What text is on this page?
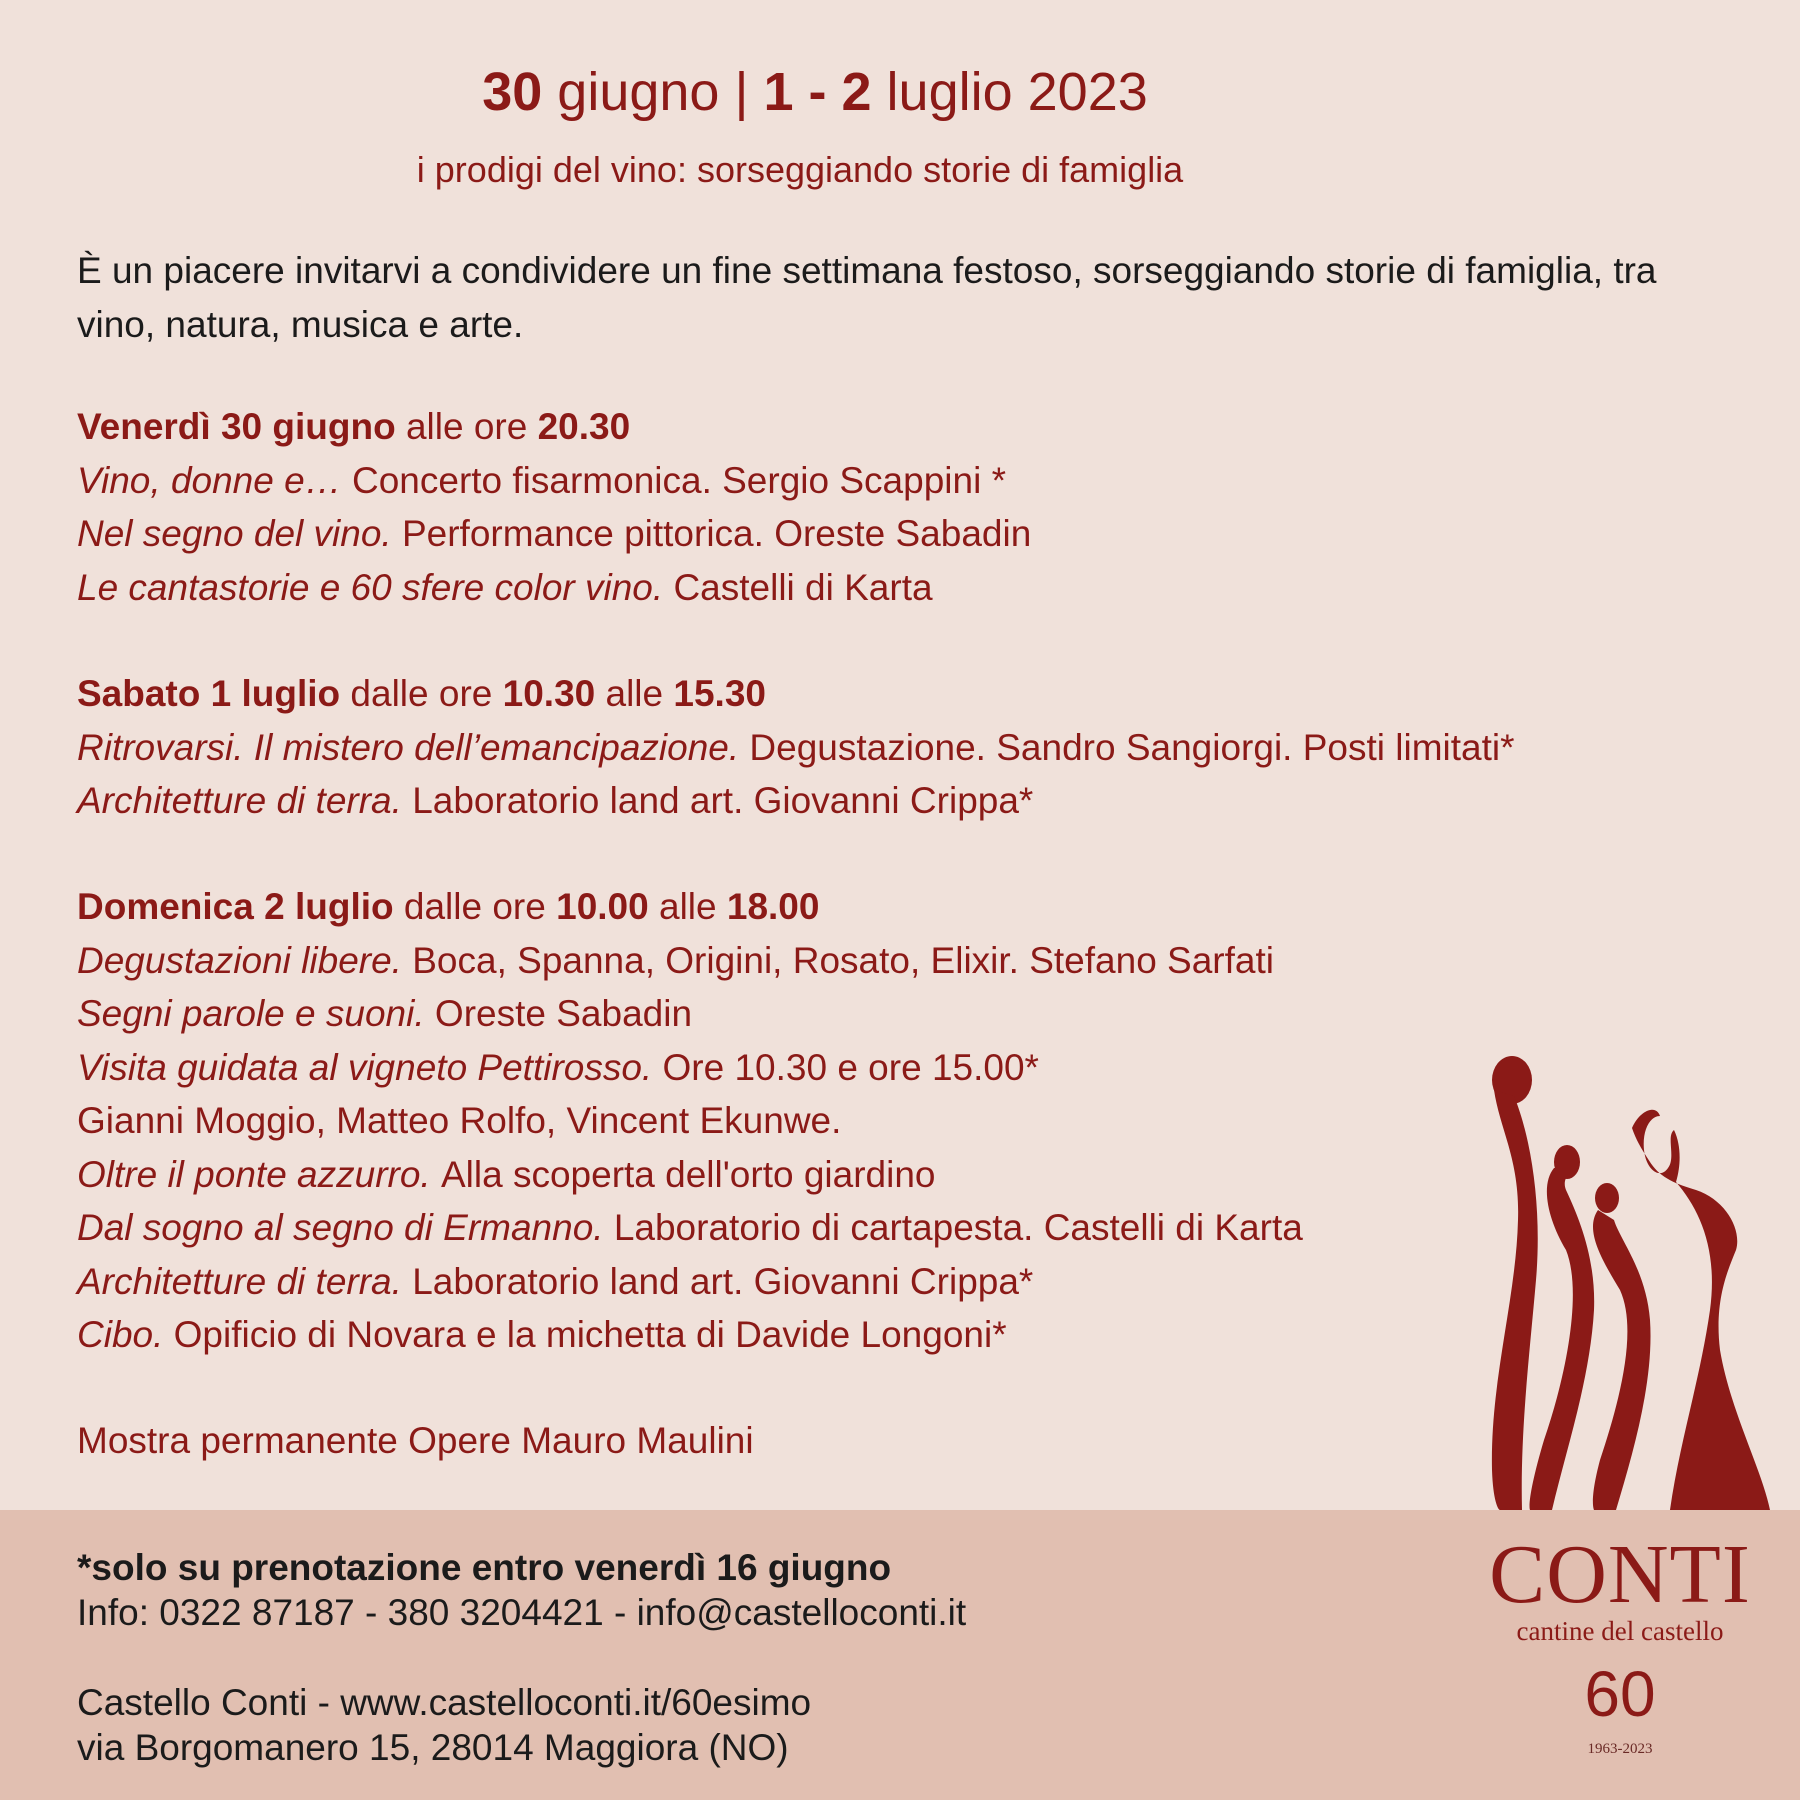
30 giugno | 1 - 2 luglio 2023

i prodigi del vino: sorseggiando storie di famiglia

È un piacere invitarvi a condividere un fine settimana festoso, sorseggiando storie di famiglia, tra vino, natura, musica e arte.

Venerdì 30 giugno alle ore 20.30
Vino, donne e… Concerto fisarmonica. Sergio Scappini *
Nel segno del vino. Performance pittorica. Oreste Sabadin
Le cantastorie e 60 sfere color vino. Castelli di Karta
Sabato 1 luglio dalle ore 10.30 alle 15.30
Ritrovarsi. Il mistero dell’emancipazione. Degustazione. Sandro Sangiorgi. Posti limitati*
Architetture di terra. Laboratorio land art. Giovanni Crippa*
Domenica 2 luglio dalle ore 10.00 alle 18.00
Degustazioni libere. Boca, Spanna, Origini, Rosato, Elixir. Stefano Sarfati
Segni parole e suoni. Oreste Sabadin
Visita guidata al vigneto Pettirosso. Ore 10.30 e ore 15.00*
Gianni Moggio, Matteo Rolfo, Vincent Ekunwe.
Oltre il ponte azzurro. Alla scoperta dell'orto giardino
Dal sogno al segno di Ermanno. Laboratorio di cartapesta. Castelli di Karta
Architetture di terra. Laboratorio land art. Giovanni Crippa*
Cibo. Opificio di Novara e la michetta di Davide Longoni*

Mostra permanente Opere Mauro Maulini

*solo su prenotazione entro venerdì 16 giugno
Info: 0322 87187 - 380 3204421 - info@castelloconti.it
Castello Conti - www.castelloconti.it/60esimo
via Borgomanero 15, 28014 Maggiora (NO)
CONTI
cantine del castello
60
1963-2023
